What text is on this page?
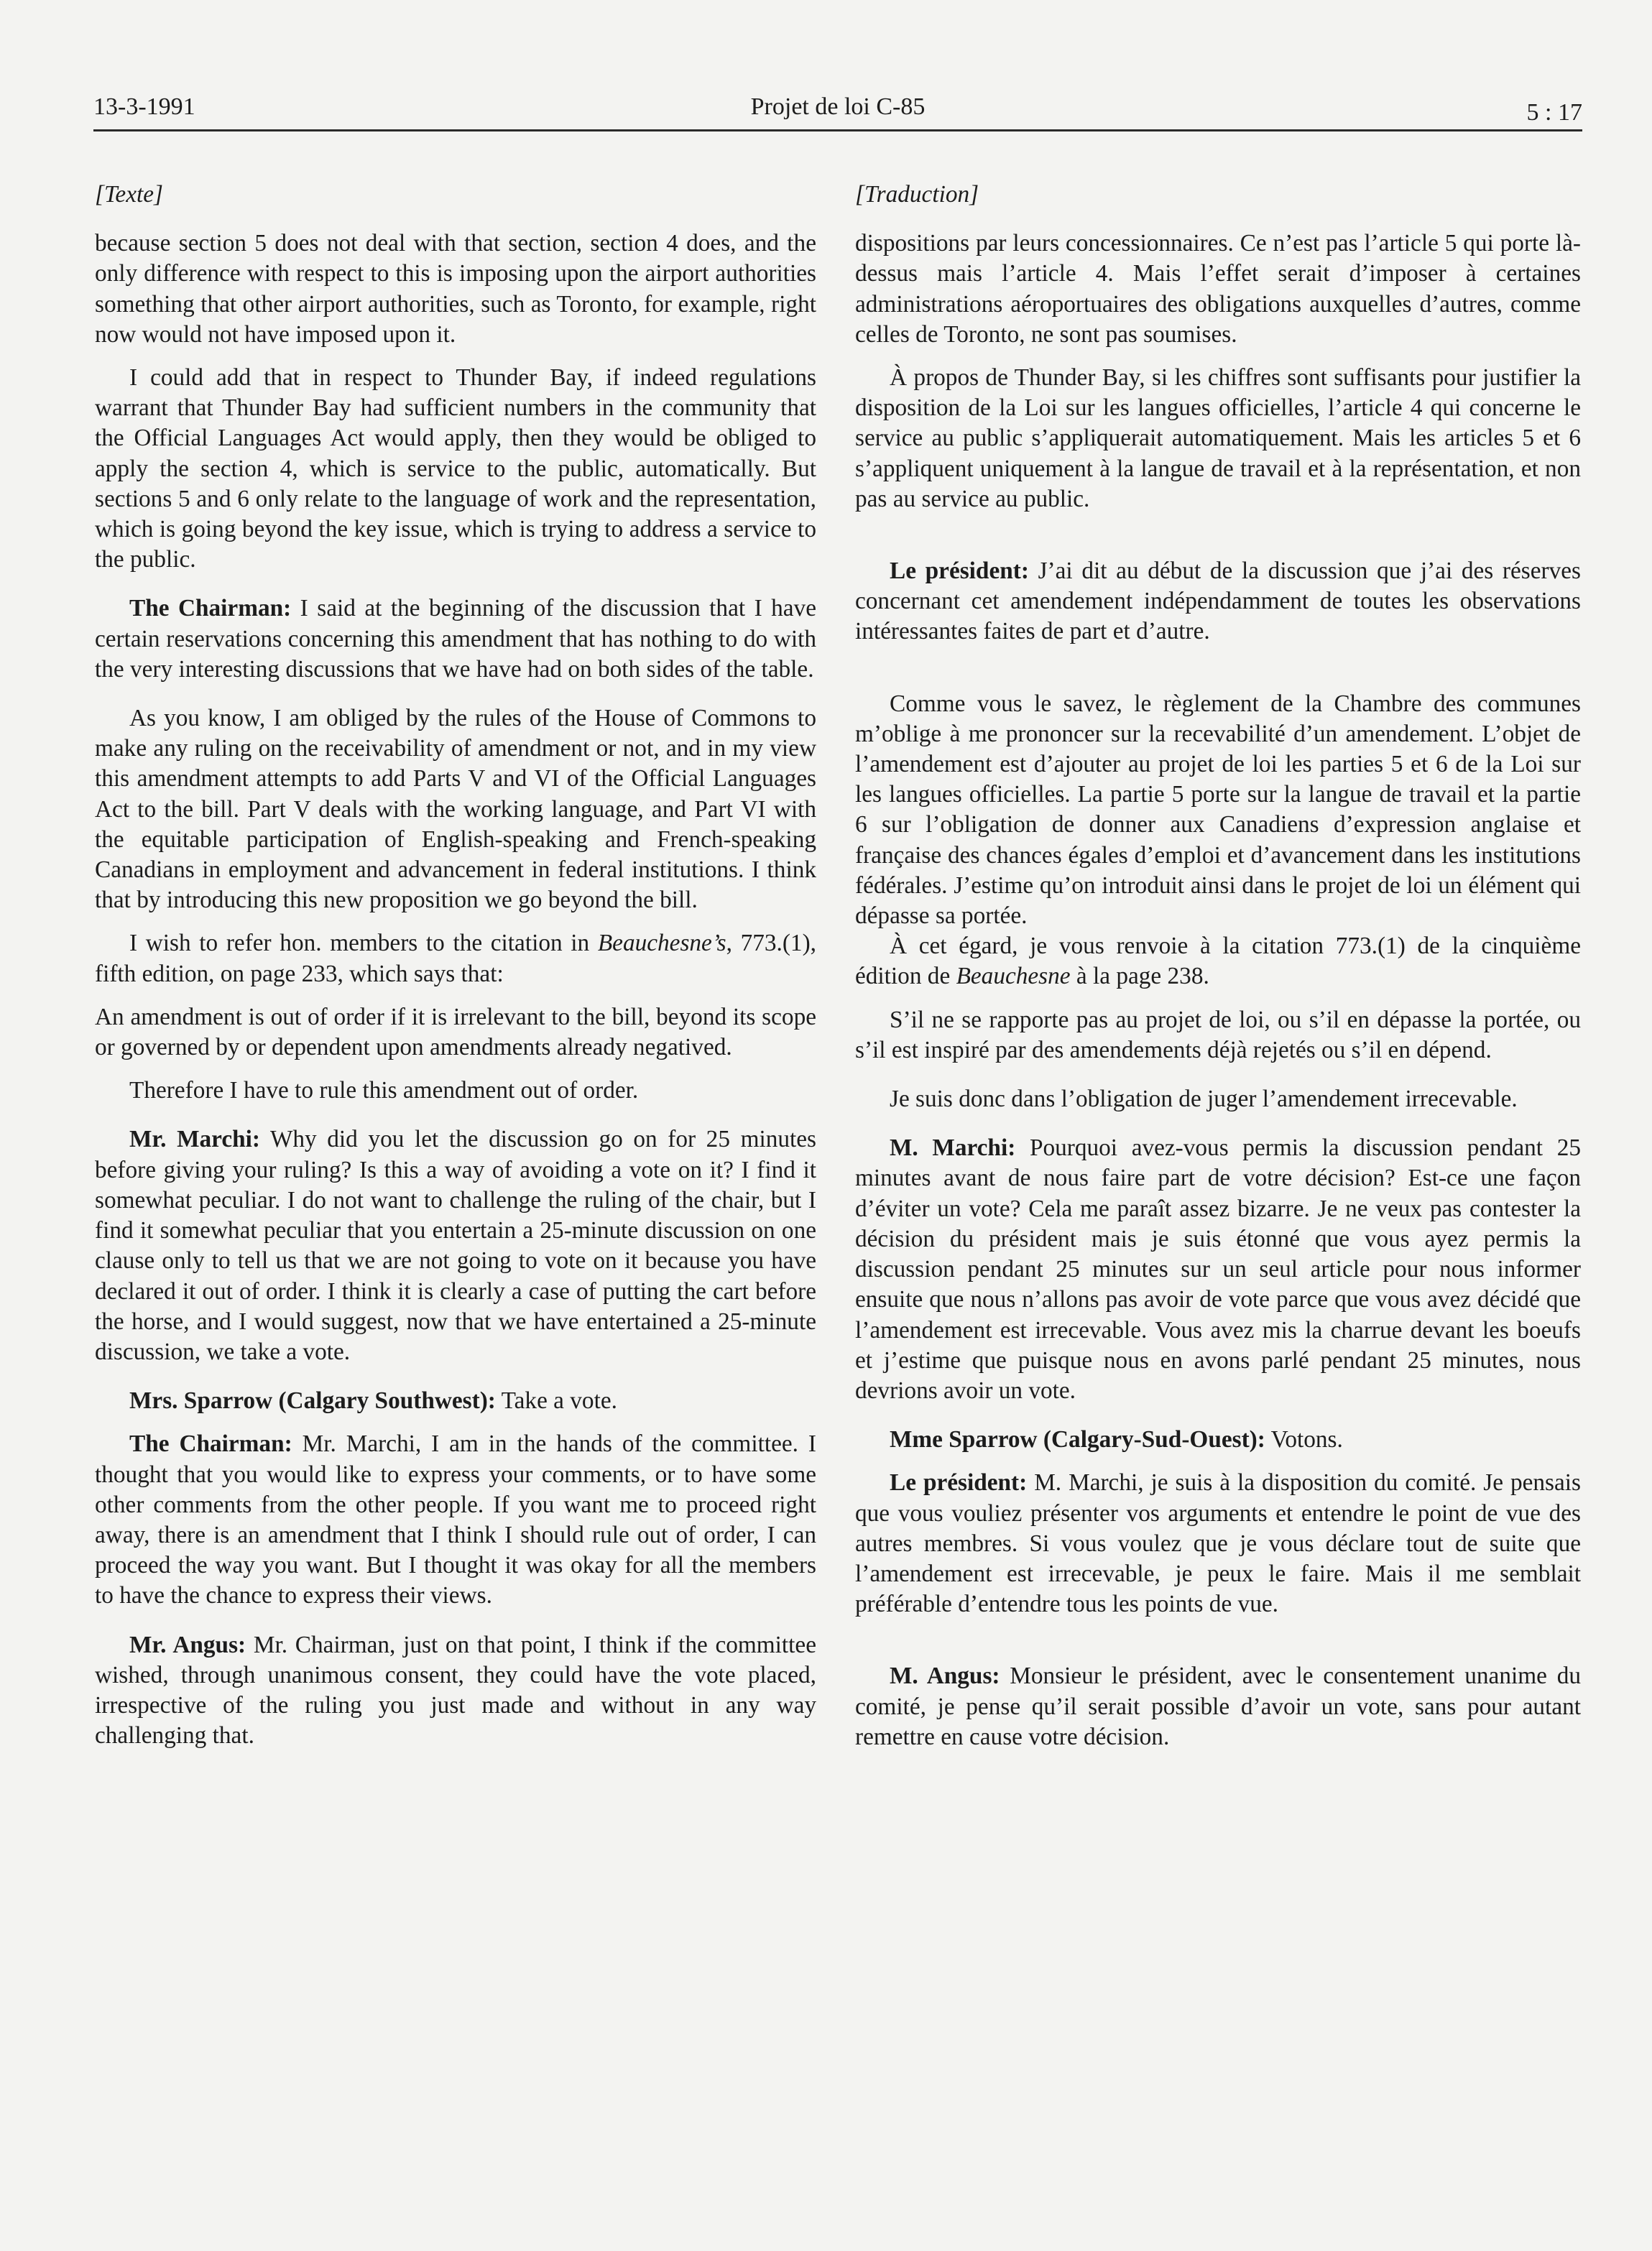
13-3-1991	Projet de loi C-85	5 : 17

[Texte]

because section 5 does not deal with that section, section 4 does, and the only difference with respect to this is imposing upon the airport authorities something that other airport authorities, such as Toronto, for example, right now would not have imposed upon it.

I could add that in respect to Thunder Bay, if indeed regulations warrant that Thunder Bay had sufficient numbers in the community that the Official Languages Act would apply, then they would be obliged to apply the section 4, which is service to the public, automatically. But sections 5 and 6 only relate to the language of work and the representation, which is going beyond the key issue, which is trying to address a service to the public.

The Chairman: I said at the beginning of the discussion that I have certain reservations concerning this amendment that has nothing to do with the very interesting discussions that we have had on both sides of the table.

As you know, I am obliged by the rules of the House of Commons to make any ruling on the receivability of amendment or not, and in my view this amendment attempts to add Parts V and VI of the Official Languages Act to the bill. Part V deals with the working language, and Part VI with the equitable participation of English-speaking and French-speaking Canadians in employment and advancement in federal institutions. I think that by introducing this new proposition we go beyond the bill.

I wish to refer hon. members to the citation in Beauchesne’s, 773.(1), fifth edition, on page 233, which says that:

An amendment is out of order if it is irrelevant to the bill, beyond its scope or governed by or dependent upon amendments already negatived.

Therefore I have to rule this amendment out of order.

Mr. Marchi: Why did you let the discussion go on for 25 minutes before giving your ruling? Is this a way of avoiding a vote on it? I find it somewhat peculiar. I do not want to challenge the ruling of the chair, but I find it somewhat peculiar that you entertain a 25-minute discussion on one clause only to tell us that we are not going to vote on it because you have declared it out of order. I think it is clearly a case of putting the cart before the horse, and I would suggest, now that we have entertained a 25-minute discussion, we take a vote.

Mrs. Sparrow (Calgary Southwest): Take a vote.

The Chairman: Mr. Marchi, I am in the hands of the committee. I thought that you would like to express your comments, or to have some other comments from the other people. If you want me to proceed right away, there is an amendment that I think I should rule out of order, I can proceed the way you want. But I thought it was okay for all the members to have the chance to express their views.

Mr. Angus: Mr. Chairman, just on that point, I think if the committee wished, through unanimous consent, they could have the vote placed, irrespective of the ruling you just made and without in any way challenging that.

[Traduction]

dispositions par leurs concessionnaires. Ce n’est pas l’article 5 qui porte là-dessus mais l’article 4. Mais l’effet serait d’imposer à certaines administrations aéroportuaires des obligations auxquelles d’autres, comme celles de Toronto, ne sont pas soumises.

À propos de Thunder Bay, si les chiffres sont suffisants pour justifier la disposition de la Loi sur les langues officielles, l’article 4 qui concerne le service au public s’appliquerait automatiquement. Mais les articles 5 et 6 s’appliquent uniquement à la langue de travail et à la représentation, et non pas au service au public.

Le président: J’ai dit au début de la discussion que j’ai des réserves concernant cet amendement indépendamment de toutes les observations intéressantes faites de part et d’autre.

Comme vous le savez, le règlement de la Chambre des communes m’oblige à me prononcer sur la recevabilité d’un amendement. L’objet de l’amendement est d’ajouter au projet de loi les parties 5 et 6 de la Loi sur les langues officielles. La partie 5 porte sur la langue de travail et la partie 6 sur l’obligation de donner aux Canadiens d’expression anglaise et française des chances égales d’emploi et d’avancement dans les institutions fédérales. J’estime qu’on introduit ainsi dans le projet de loi un élément qui dépasse sa portée.

À cet égard, je vous renvoie à la citation 773.(1) de la cinquième édition de Beauchesne à la page 238.

S’il ne se rapporte pas au projet de loi, ou s’il en dépasse la portée, ou s’il est inspiré par des amendements déjà rejetés ou s’il en dépend.

Je suis donc dans l’obligation de juger l’amendement irrecevable.

M. Marchi: Pourquoi avez-vous permis la discussion pendant 25 minutes avant de nous faire part de votre décision? Est-ce une façon d’éviter un vote? Cela me paraît assez bizarre. Je ne veux pas contester la décision du président mais je suis étonné que vous ayez permis la discussion pendant 25 minutes sur un seul article pour nous informer ensuite que nous n’allons pas avoir de vote parce que vous avez décidé que l’amendement est irrecevable. Vous avez mis la charrue devant les boeufs et j’estime que puisque nous en avons parlé pendant 25 minutes, nous devrions avoir un vote.

Mme Sparrow (Calgary-Sud-Ouest): Votons.

Le président: M. Marchi, je suis à la disposition du comité. Je pensais que vous vouliez présenter vos arguments et entendre le point de vue des autres membres. Si vous voulez que je vous déclare tout de suite que l’amendement est irrecevable, je peux le faire. Mais il me semblait préférable d’entendre tous les points de vue.

M. Angus: Monsieur le président, avec le consentement unanime du comité, je pense qu’il serait possible d’avoir un vote, sans pour autant remettre en cause votre décision.
